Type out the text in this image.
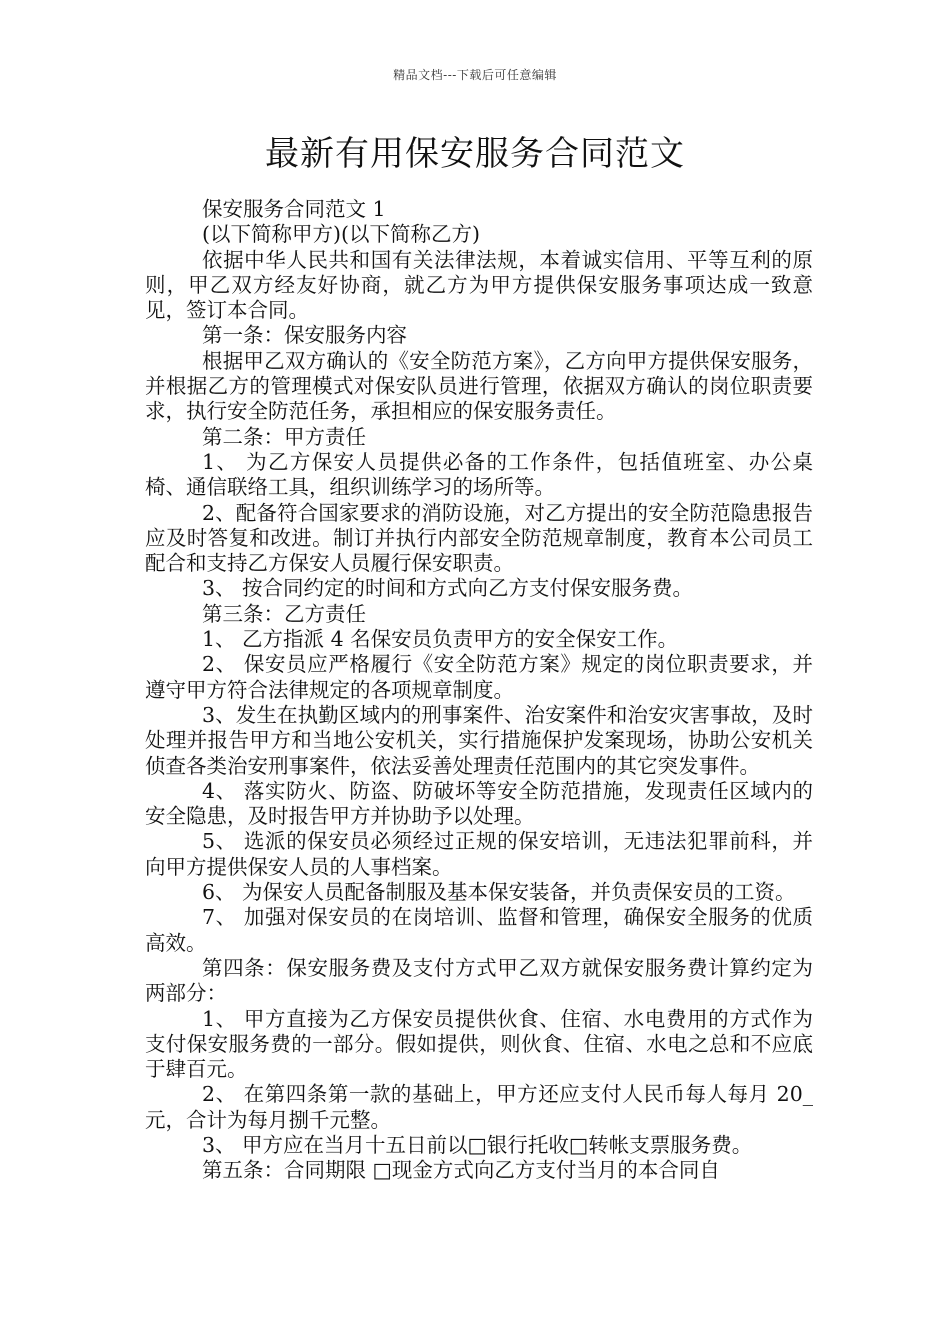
精品文档---下载后可任意编辑
最新有用保安服务合同范文

保安服务合同范文 1

(以下简称甲方)(以下简称乙方)

依据中华人民共和国有关法律法规，本着诚实信用、平等互利的原则，甲乙双方经友好协商，就乙方为甲方提供保安服务事项达成一致意见，签订本合同。

第一条：保安服务内容

根据甲乙双方确认的《安全防范方案》，乙方向甲方提供保安服务，并根据乙方的管理模式对保安队员进行管理，依据双方确认的岗位职责要求，执行安全防范任务，承担相应的保安服务责任。

第二条：甲方责任

1、 为乙方保安人员提供必备的工作条件，包括值班室、办公桌椅、通信联络工具，组织训练学习的场所等。

2、配备符合国家要求的消防设施，对乙方提出的安全防范隐患报告应及时答复和改进。制订并执行内部安全防范规章制度，教育本公司员工配合和支持乙方保安人员履行保安职责。

3、 按合同约定的时间和方式向乙方支付保安服务费。

第三条：乙方责任

1、 乙方指派 4 名保安员负责甲方的安全保安工作。

2、 保安员应严格履行《安全防范方案》规定的岗位职责要求，并遵守甲方符合法律规定的各项规章制度。

3、发生在执勤区域内的刑事案件、治安案件和治安灾害事故，及时处理并报告甲方和当地公安机关，实行措施保护发案现场，协助公安机关侦查各类治安刑事案件，依法妥善处理责任范围内的其它突发事件。

4、 落实防火、防盗、防破坏等安全防范措施，发现责任区域内的安全隐患，及时报告甲方并协助予以处理。

5、 选派的保安员必须经过正规的保安培训，无违法犯罪前科，并向甲方提供保安人员的人事档案。

6、 为保安人员配备制服及基本保安装备，并负责保安员的工资。

7、 加强对保安员的在岗培训、监督和管理，确保安全服务的优质高效。

第四条：保安服务费及支付方式甲乙双方就保安服务费计算约定为两部分：

1、 甲方直接为乙方保安员提供伙食、住宿、水电费用的方式作为支付保安服务费的一部分。假如提供，则伙食、住宿、水电之总和不应底于肆百元。

2、 在第四条第一款的基础上，甲方还应支付人民币每人每月 20_元，合计为每月捌千元整。

3、 甲方应在当月十五日前以□银行托收□转帐支票服务费。

第五条：合同期限 □现金方式向乙方支付当月的本合同自
